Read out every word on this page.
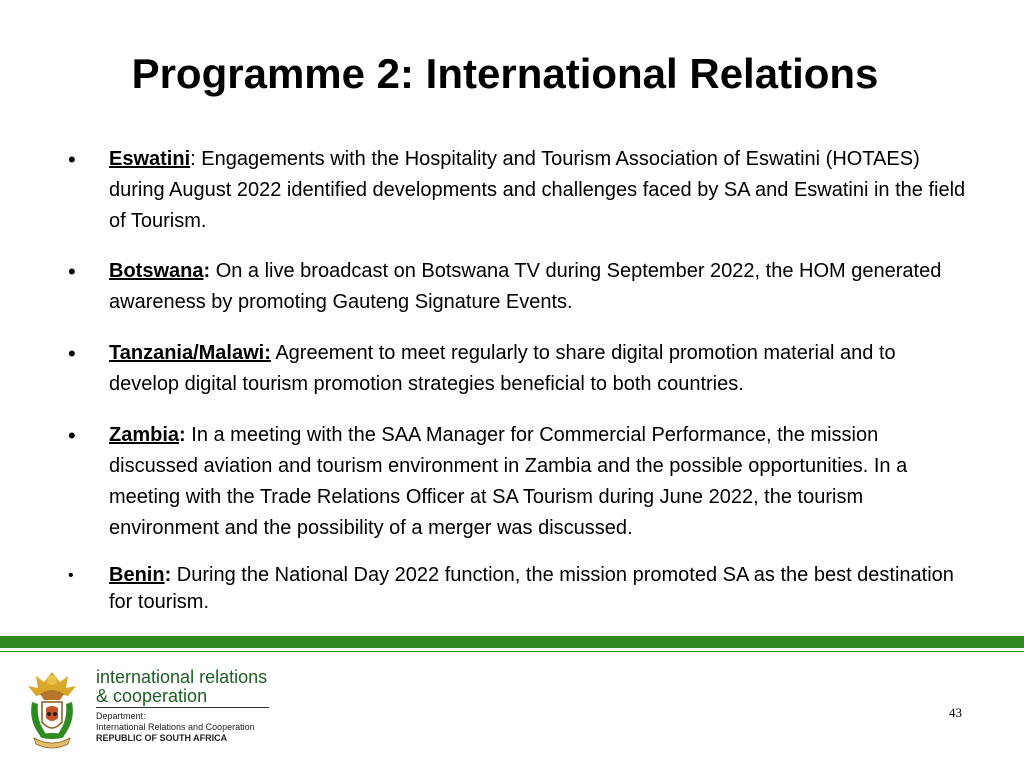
Programme 2: International Relations
• Eswatini: Engagements with the Hospitality and Tourism Association of Eswatini (HOTAES) during August 2022 identified developments and challenges faced by SA and Eswatini in the field of Tourism.
• Botswana: On a live broadcast on Botswana TV during September 2022, the HOM generated awareness by promoting Gauteng Signature Events.
• Tanzania/Malawi: Agreement to meet regularly to share digital promotion material and to develop digital tourism promotion strategies beneficial to both countries.
• Zambia: In a meeting with the SAA Manager for Commercial Performance, the mission discussed aviation and tourism environment in Zambia and the possible opportunities. In a meeting with the Trade Relations Officer at SA Tourism during June 2022, the tourism environment and the possibility of a merger was discussed.
• Benin: During the National Day 2022 function, the mission promoted SA as the best destination for tourism.
international relations
& cooperation
Department:
International Relations and Cooperation
REPUBLIC OF SOUTH AFRICA
43
